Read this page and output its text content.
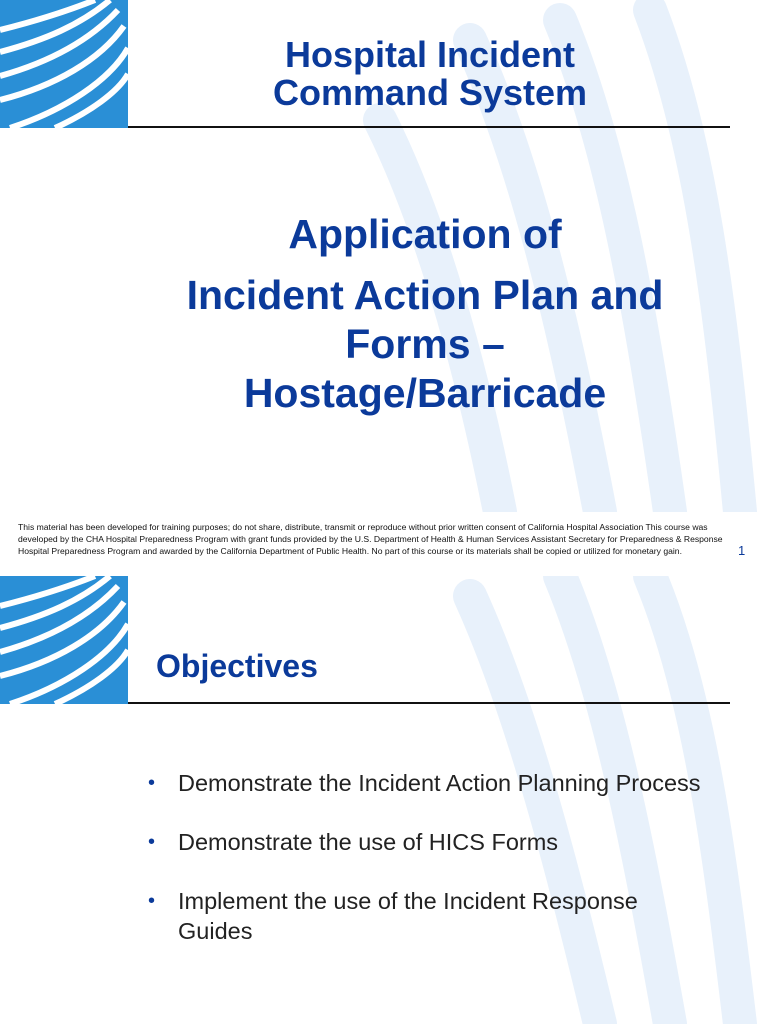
Hospital Incident
Command System
Application of
Incident Action Plan and
Forms –
Hostage/Barricade
This material has been developed for training purposes; do not share, distribute, transmit or reproduce without prior written consent of California Hospital Association This course was developed by the CHA Hospital Preparedness Program with grant funds provided by the U.S. Department of Health & Human Services Assistant Secretary for Preparedness & Response Hospital Preparedness Program and awarded by the California Department of Public Health. No part of this course or its materials shall be copied or utilized for monetary gain.	1
Objectives
• Demonstrate the Incident Action Planning Process
• Demonstrate the use of HICS Forms
• Implement the use of the Incident Response Guides
